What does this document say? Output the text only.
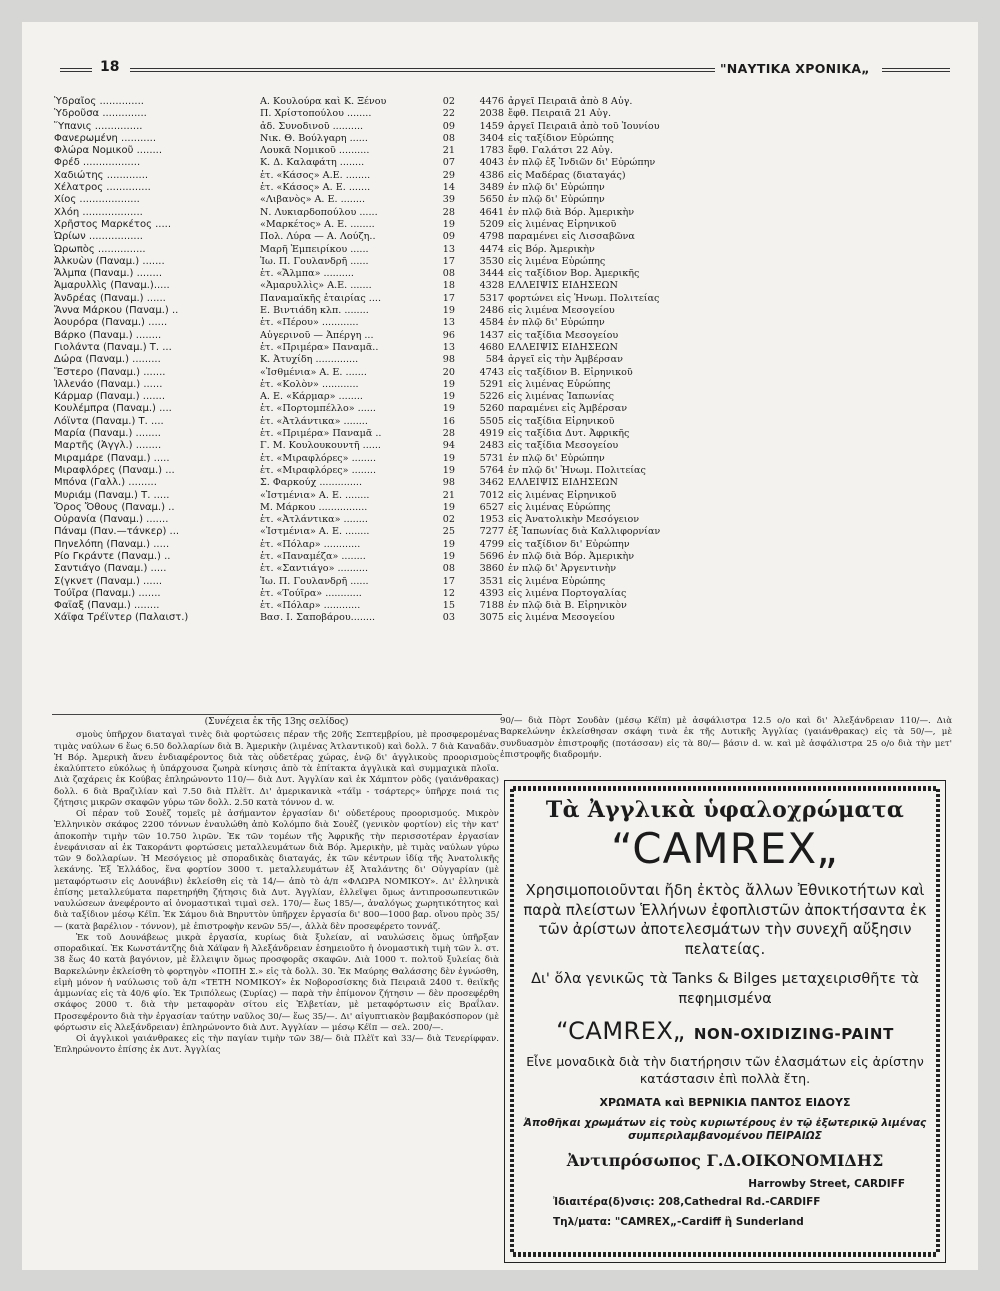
18	"ΝΑΥΤΙΚΑ ΧΡΟΝΙΚΑ„
Ὑδραῖος ..............	Α. Κουλούρα καὶ Κ. Ξένου	02	4476 ἀργεῖ Πειραιᾶ ἀπὸ 8 Αὐγ.
Ὑδροῦσα ..............	Π. Χρίστοπούλου ........	22	2038 ἔφθ. Πειραιᾶ 21 Αὐγ.
Ὕπανις ...............	ἀδ. Συνοδινοῦ ..........	09	1459 ἀργεῖ Πειραιᾶ ἀπὸ τοῦ Ἰουνίου
Φανερωμένη ...........	Νικ. Θ. Βούλγαρη ......	08	3404 εἰς ταξίδιον Εὐρώπης
Φλώρα Νομικοῦ ........	Λουκᾶ Νομικοῦ ..........	21	1783 ἔφθ. Γαλάτσι 22 Αὐγ.
Φρέδ ..................	Κ. Δ. Καλαφάτη ........	07	4043 ἐν πλῷ ἐξ Ἰνδιῶν δι' Εὐρώπην
Χαδιώτης .............	ἑτ. «Κάσος» Α.Ε. ........	29	4386 εἰς Μαδέρας (διαταγάς)
Χέλατρος ..............	ἑτ. «Κάσος» Α. Ε. .......	14	3489 ἐν πλῷ δι' Εὐρώπην
Χίος ...................	«Λιβανὸς» Α. Ε. ........	39	5650 ἐν πλῷ δι' Εὐρώπην
Χλόη ...................	Ν. Λυκιαρδοπούλου ......	28	4641 ἐν πλῷ διὰ Βόρ. Ἀμερικὴν
Χρῆστος Μαρκέτος .....	«Μαρκέτος» Α. Ε. ........	19	5209 εἰς λιμένας Εἰρηνικοῦ
Ὠρίων .................	Πολ. Λύρα — Α. Λούζη..	09	4798 παραμένει εἰς Λισσαβῶνα
Ὠρωπὸς ...............	Μαρῆ Ἐμπειρίκου ......	13	4474 εἰς Βόρ. Ἀμερικὴν
Ἀλκυὼν (Παναμ.) .......	Ἰω. Π. Γουλανδρῆ ......	17	3530 εἰς λιμένα Εὐρώπης
Ἄλμπα (Παναμ.) ........	ἑτ. «Ἄλμπα» ..........	08	3444 εἰς ταξίδιον Βορ. Ἀμερικῆς
Ἀμαρυλλὶς (Παναμ.).....	«Ἀμαρυλλὶς» Α.Ε. .......	18	4328 ΕΛΛΕΙΨΙΣ ΕΙΔΗΣΕΩΝ
Ἀνδρέας (Παναμ.) ......	Παναμαϊκῆς ἑταιρίας ....	17	5317 φορτώνει εἰς Ἡνωμ. Πολιτείας
Ἄννα Μάρκου (Παναμ.) ..	Ε. Βιντιάδη κλπ. ........	19	2486 εἰς λιμένα Μεσογείου
Ἀουρόρα (Παναμ.) ......	ἑτ. «Πέρου» ............	13	4584 ἐν πλῷ δι' Εὐρώπην
Βάρκο (Παναμ.) ........	Αὐγερινοῦ — Ἀπέργη ...	96	1437 εἰς ταξίδια Μεσογείου
Γιολάντα (Παναμ.) Τ. ...	ἑτ. «Πριμέρα» Παναμᾶ..	13	4680 ΕΛΛΕΙΨΙΣ ΕΙΔΗΣΕΩΝ
Δώρα (Παναμ.) .........	Κ. Ἀτυχίδη ..............	98	584 ἀργεῖ εἰς τὴν Ἀμβέρσαν
Ἔστερο (Παναμ.) .......	«Ἰσθμένια» Α. Ε. .......	20	4743 εἰς ταξίδιον Β. Εἰρηνικοῦ
Ἰλλενάο (Παναμ.) ......	ἑτ. «Κολὸν» ............	19	5291 εἰς λιμένας Εὐρώπης
Κάρμαρ (Παναμ.) .......	Α. Ε. «Κάρμαρ» ........	19	5226 εἰς λιμένας Ἰαπωνίας
Κουλέμπρα (Παναμ.) ....	ἑτ. «Πορτομπέλλο» ......	19	5260 παραμένει εἰς Ἀμβέρσαν
Λόϊντα (Παναμ.) Τ. ....	ἑτ. «Ἀτλάντικα» ........	16	5505 εἰς ταξίδια Εἰρηνικοῦ
Μαρία (Παναμ.) ........	ἑτ. «Πριμέρα» Παναμᾶ ..	28	4919 εἰς ταξίδια Δυτ. Ἀφρικῆς
Μαρτῆς (Ἀγγλ.) ........	Γ. Μ. Κουλουκουντῆ ......	94	2483 εἰς ταξίδια Μεσογείου
Μιραμάρε (Παναμ.) .....	ἑτ. «Μιραφλόρες» ........	19	5731 ἐν πλῷ δι' Εὐρώπην
Μιραφλόρες (Παναμ.) ...	ἑτ. «Μιραφλόρες» ........	19	5764 ἐν πλῷ δι' Ἡνωμ. Πολιτείας
Μπόνα (Γαλλ.) .........	Σ. Φαρκούχ ..............	98	3462 ΕΛΛΕΙΨΙΣ ΕΙΔΗΣΕΩΝ
Μυριάμ (Παναμ.) Τ. .....	«Ἰστμένια» Α. Ε. ........	21	7012 εἰς λιμένας Εἰρηνικοῦ
Ὄρος Ὄθους (Παναμ.) ..	Μ. Μάρκου ................	19	6527 εἰς λιμένας Εὐρώπης
Οὐρανία (Παναμ.) .......	ἑτ. «Ἀτλάντικα» ........	02	1953 εἰς Ἀνατολικὴν Μεσόγειον
Πάναμ (Παν.—τάνκερ) ...	«Ἰστμένια» Α. Ε. ........	25	7277 ἐξ Ἰαπωνίας διὰ Καλλιφορνίαν
Πηνελόπη (Παναμ.) .....	ἑτ. «Πόλαρ» ............	19	4799 εἰς ταξίδιον δι' Εὐρώπην
Ρίο Γκράντε (Παναμ.) ..	ἑτ. «Παναμέζα» ........	19	5696 ἐν πλῷ διὰ Βόρ. Ἀμερικὴν
Σαντιάγο (Παναμ.) .....	ἑτ. «Σαντιάγο» ..........	08	3860 ἐν πλῷ δι' Ἀργεντινὴν
Σ(γκνετ (Παναμ.) ......	Ἰω. Π. Γουλανδρῆ ......	17	3531 εἰς λιμένα Εὐρώπης
Τούῖρα (Παναμ.) .......	ἑτ. «Τούῖρα» ............	12	4393 εἰς λιμένα Πορτογαλίας
Φαϊαξ (Παναμ.) ........	ἑτ. «Πόλαρ» ............	15	7188 ἐν πλῷ διὰ Β. Εἰρηνικὸν
Χάϊφα Τρέϊντερ (Παλαιστ.)	Βασ. Ι. Σαποβάρου........	03	3075 εἰς λιμένα Μεσογείου

(Συνέχεια ἐκ τῆς 13ης σελίδος)

σμοὺς ὑπῆρχον διαταγαὶ τινὲς διὰ φορτώσεις πέραν τῆς 20ῆς Σεπτεμβρίου, μὲ προσφερομένας τιμὰς ναύλων 6 ἕως 6.50 δολλαρίων διὰ Β. Ἀμερικὴν (λιμένας Ἀτλαντικοῦ) καὶ δολλ. 7 διὰ Καναδᾶν. Ἡ Βόρ. Ἀμερικὴ ἄνευ ἐνδιαφέροντος διὰ τὰς οὐδετέρας χώρας, ἐνῷ δι' ἀγγλικοὺς προορισμοὺς ἐκαλύπτετο εὐκόλως ἡ ὑπάρχουσα ζωηρὰ κίνησις ἀπὸ τὰ ἐπίτακτα ἀγγλικὰ καὶ συμμαχικὰ πλοῖα. Διὰ ζαχάρεις ἐκ Κούβας ἐπληρώνοντο 110/— διὰ Δυτ. Ἀγγλίαν καὶ ἐκ Χάμπτον ρὸδς (γαιάνθρακας) δολλ. 6 διὰ Βραζιλίαν καὶ 7.50 διὰ Πλὲϊτ. Δι' ἀμερικανικὰ «τάϊμ - τσάρτερς» ὑπῆρχε ποιά τις ζήτησις μικρῶν σκαφῶν γύρω τῶν δολλ. 2.50 κατὰ τόννον d. w.

Οἱ πέραν τοῦ Σουὲζ τομεῖς μὲ ἀσήμαντον ἐργασίαν δι' οὐδετέρους προορισμούς. Μικρὸν Ἑλληνικὸν σκάφος 2200 τόννων ἐναυλώθη ἀπὸ Κολόμπο διὰ Σουὲζ (γενικὸν φορτίον) εἰς τὴν κατ' ἀποκοπὴν τιμὴν τῶν 10.750 λιρῶν. Ἐκ τῶν τομέων τῆς Ἀφρικῆς τὴν περισσοτέραν ἐργασίαν ἐνεφάνισαν αἱ ἐκ Τακοράντι φορτώσεις μεταλλευμάτων διὰ Βόρ. Ἀμερικὴν, μὲ τιμὰς ναύλων γύρω τῶν 9 δολλαρίων. Ἡ Μεσόγειος μὲ σποραδικὰς διαταγάς, ἐκ τῶν κέντρων ἰδίᾳ τῆς Ἀνατολικῆς λεκάνης. Ἐξ Ἑλλάδος, ἕνα φορτίον 3000 τ. μεταλλευμάτων ἐξ Ἀταλάντης δι' Οὐγγαρίαν (μὲ μεταφόρτωσιν εἰς Δουνάβιν) ἐκλείσθη εἰς τὰ 14/— ἀπὸ τὸ ἀ/π «ΦΛΩΡΑ ΝΟΜΙΚΟΥ». Δι' ἑλληνικὰ ἐπίσης μεταλλεύματα παρετηρήθη ζήτησις διὰ Δυτ. Ἀγγλίαν, ἐλλεῖψει ὅμως ἀντιπροσωπευτικῶν ναυλώσεων ἀνεφέροντο αἱ ὀνομαστικαὶ τιμαὶ σελ. 170/— ἕως 185/—, ἀναλόγως χωρητικότητος καὶ διὰ ταξίδιον μέσῳ Κέϊπ. Ἐκ Σάμου διὰ Βηρυττὸν ὑπῆρχεν ἐργασία δι' 800—1000 βαρ. οἴνου πρὸς 35/— (κατὰ βαρέλιον - τόννον), μὲ ἐπιστροφὴν κενῶν 55/—, ἀλλὰ δὲν προσεφέρετο τοννάζ.

Ἐκ τοῦ Δουνάβεως μικρὰ ἐργασία, κυρίως διὰ ξυλείαν, αἱ ναυλώσεις ὅμως ὑπῆρξαν σποραδικαί. Ἐκ Κωνστάντζης διὰ Χάϊφαν ἢ Ἀλεξάνδρειαν ἐσημειοῦτο ἡ ὀνομαστικὴ τιμὴ τῶν λ. στ. 38 ἕως 40 κατὰ βαγόνιον, μὲ ἔλλειψιν ὅμως προσφορᾶς σκαφῶν. Διὰ 1000 τ. πολτοῦ ξυλείας διὰ Βαρκελώνην ἐκλείσθη τὸ φορτηγὸν «ΠΟΠΗ Σ.» εἰς τὰ δολλ. 30. Ἐκ Μαύρης Θαλάσσης δὲν ἐγνώσθη, εἰμὴ μόνον ἡ ναύλωσις τοῦ ἀ/π «ΤΕΤΗ ΝΟΜΙΚΟΥ» ἐκ Νοβοροσίσκης διὰ Πειραιᾶ 2400 τ. θειϊκῆς ἀμμωνίας εἰς τὰ 40/6 φίο. Ἐκ Τριπόλεως (Συρίας) — παρὰ τὴν ἐπίμονον ζήτησιν — δὲν προσεφέρθη σκάφος 2000 τ. διὰ τὴν μεταφορὰν σίτου εἰς Ἑλβετίαν, μὲ μεταφόρτωσιν εἰς Βραΐλαν. Προσεφέροντο διὰ τὴν ἐργασίαν ταύτην ναῦλος 30/— ἕως 35/—. Δι' αἰγυπτιακὸν βαμβακόσπορον (μὲ φόρτωσιν εἰς Ἀλεξάνδρειαν) ἐπληρώνοντο διὰ Δυτ. Ἀγγλίαν — μέσῳ Κέϊπ — σελ. 200/—.

Οἱ ἀγγλικοὶ γαιάνθρακες εἰς τὴν παγίαν τιμὴν τῶν 38/— διὰ Πλὲϊτ καὶ 33/— διὰ Τενερίφφαν. Ἐπληρώνοντο ἐπίσης ἐκ Δυτ. Ἀγγλίας

90/— διὰ Πὸρτ Σουδὰν (μέσῳ Κέϊπ) μὲ ἀσφάλιστρα 12.5 ο/ο καὶ δι' Ἀλεξάνδρειαν 110/—. Διὰ Βαρκελώνην ἐκλείσθησαν σκάφη τινὰ ἐκ τῆς Δυτικῆς Ἀγγλίας (γαιάνθρακας) εἰς τὰ 50/—, μὲ συνδυασμὸν ἐπιστροφῆς (ποτάσσαν) εἰς τὰ 80/— βάσιν d. w. καὶ μὲ ἀσφάλιστρα 25 ο/ο διὰ τὴν μετ' ἐπιστροφῆς διαδρομήν.

Τὰ Ἀγγλικὰ ὑφαλοχρώματα
“CAMREX„
Χρησιμοποιοῦνται ἤδη ἐκτὸς ἄλλων Ἐθνικοτήτων καὶ παρὰ πλείστων Ἑλλήνων ἐφοπλιστῶν ἀποκτήσαντα ἐκ τῶν ἀρίστων ἀποτελεσμάτων τὴν συνεχῆ αὔξησιν πελατείας.
Δι' ὅλα γενικῶς τὰ Tanks & Bilges μεταχειρισθῆτε τὰ πεφημισμένα
“CAMREX„ NON-OXIDIZING-PAINT
Εἶνε μοναδικὰ διὰ τὴν διατήρησιν τῶν ἐλασμάτων εἰς ἀρίστην κατάστασιν ἐπὶ πολλὰ ἔτη.
ΧΡΩΜΑΤΑ καὶ ΒΕΡΝΙΚΙΑ ΠΑΝΤΟΣ ΕΙΔΟΥΣ
Ἀποθῆκαι χρωμάτων εἰς τοὺς κυριωτέρους ἐν τῷ ἐξωτερικῷ λιμένας συμπεριλαμβανομένου ΠΕΙΡΑΙΩΣ
Ἀντιπρόσωπος Γ.Δ.ΟΙΚΟΝΟΜΙΔΗΣ
Harrowby Street, CARDIFF
Ἰδιαιτέρα(δ)νσις: 208,Cathedral Rd.-CARDIFF
Τηλ/ματα: "CAMREX„-Cardiff ἢ Sunderland
